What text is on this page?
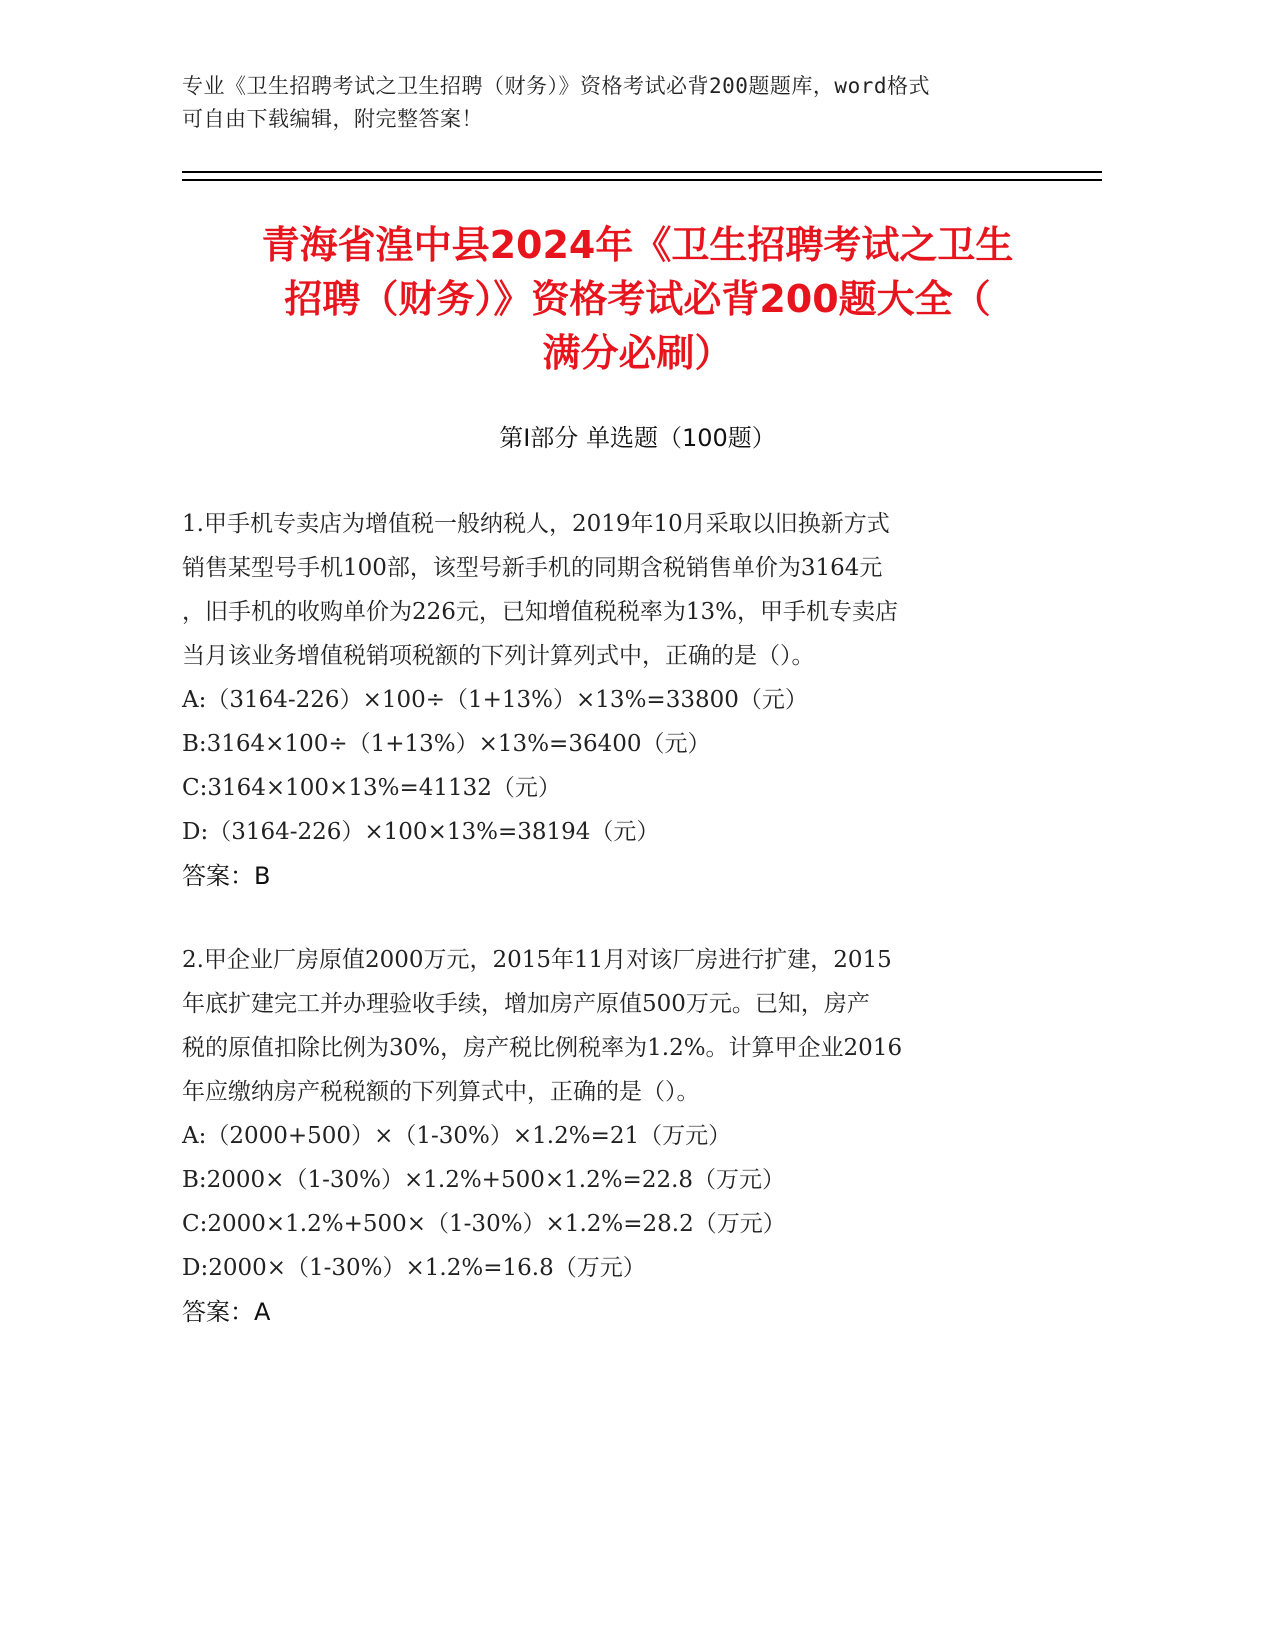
专业《卫生招聘考试之卫生招聘（财务）》资格考试必背200题题库，word格式
可自由下载编辑，附完整答案！
青海省湟中县2024年《卫生招聘考试之卫生
招聘（财务）》资格考试必背200题大全（
满分必刷）
第Ⅰ部分 单选题（100题）
1.甲手机专卖店为增值税一般纳税人，2019年10月采取以旧换新方式
销售某型号手机100部，该型号新手机的同期含税销售单价为3164元
，旧手机的收购单价为226元，已知增值税税率为13%，甲手机专卖店
当月该业务增值税销项税额的下列计算列式中，正确的是（）。
A:（3164-226）×100÷（1+13%）×13%=33800（元）
B:3164×100÷（1+13%）×13%=36400（元）
C:3164×100×13%=41132（元）
D:（3164-226）×100×13%=38194（元）
答案：B
2.甲企业厂房原值2000万元，2015年11月对该厂房进行扩建，2015
年底扩建完工并办理验收手续，增加房产原值500万元。已知，房产
税的原值扣除比例为30%，房产税比例税率为1.2%。计算甲企业2016
年应缴纳房产税税额的下列算式中，正确的是（）。
A:（2000+500）×（1-30%）×1.2%=21（万元）
B:2000×（1-30%）×1.2%+500×1.2%=22.8（万元）
C:2000×1.2%+500×（1-30%）×1.2%=28.2（万元）
D:2000×（1-30%）×1.2%=16.8（万元）
答案：A
